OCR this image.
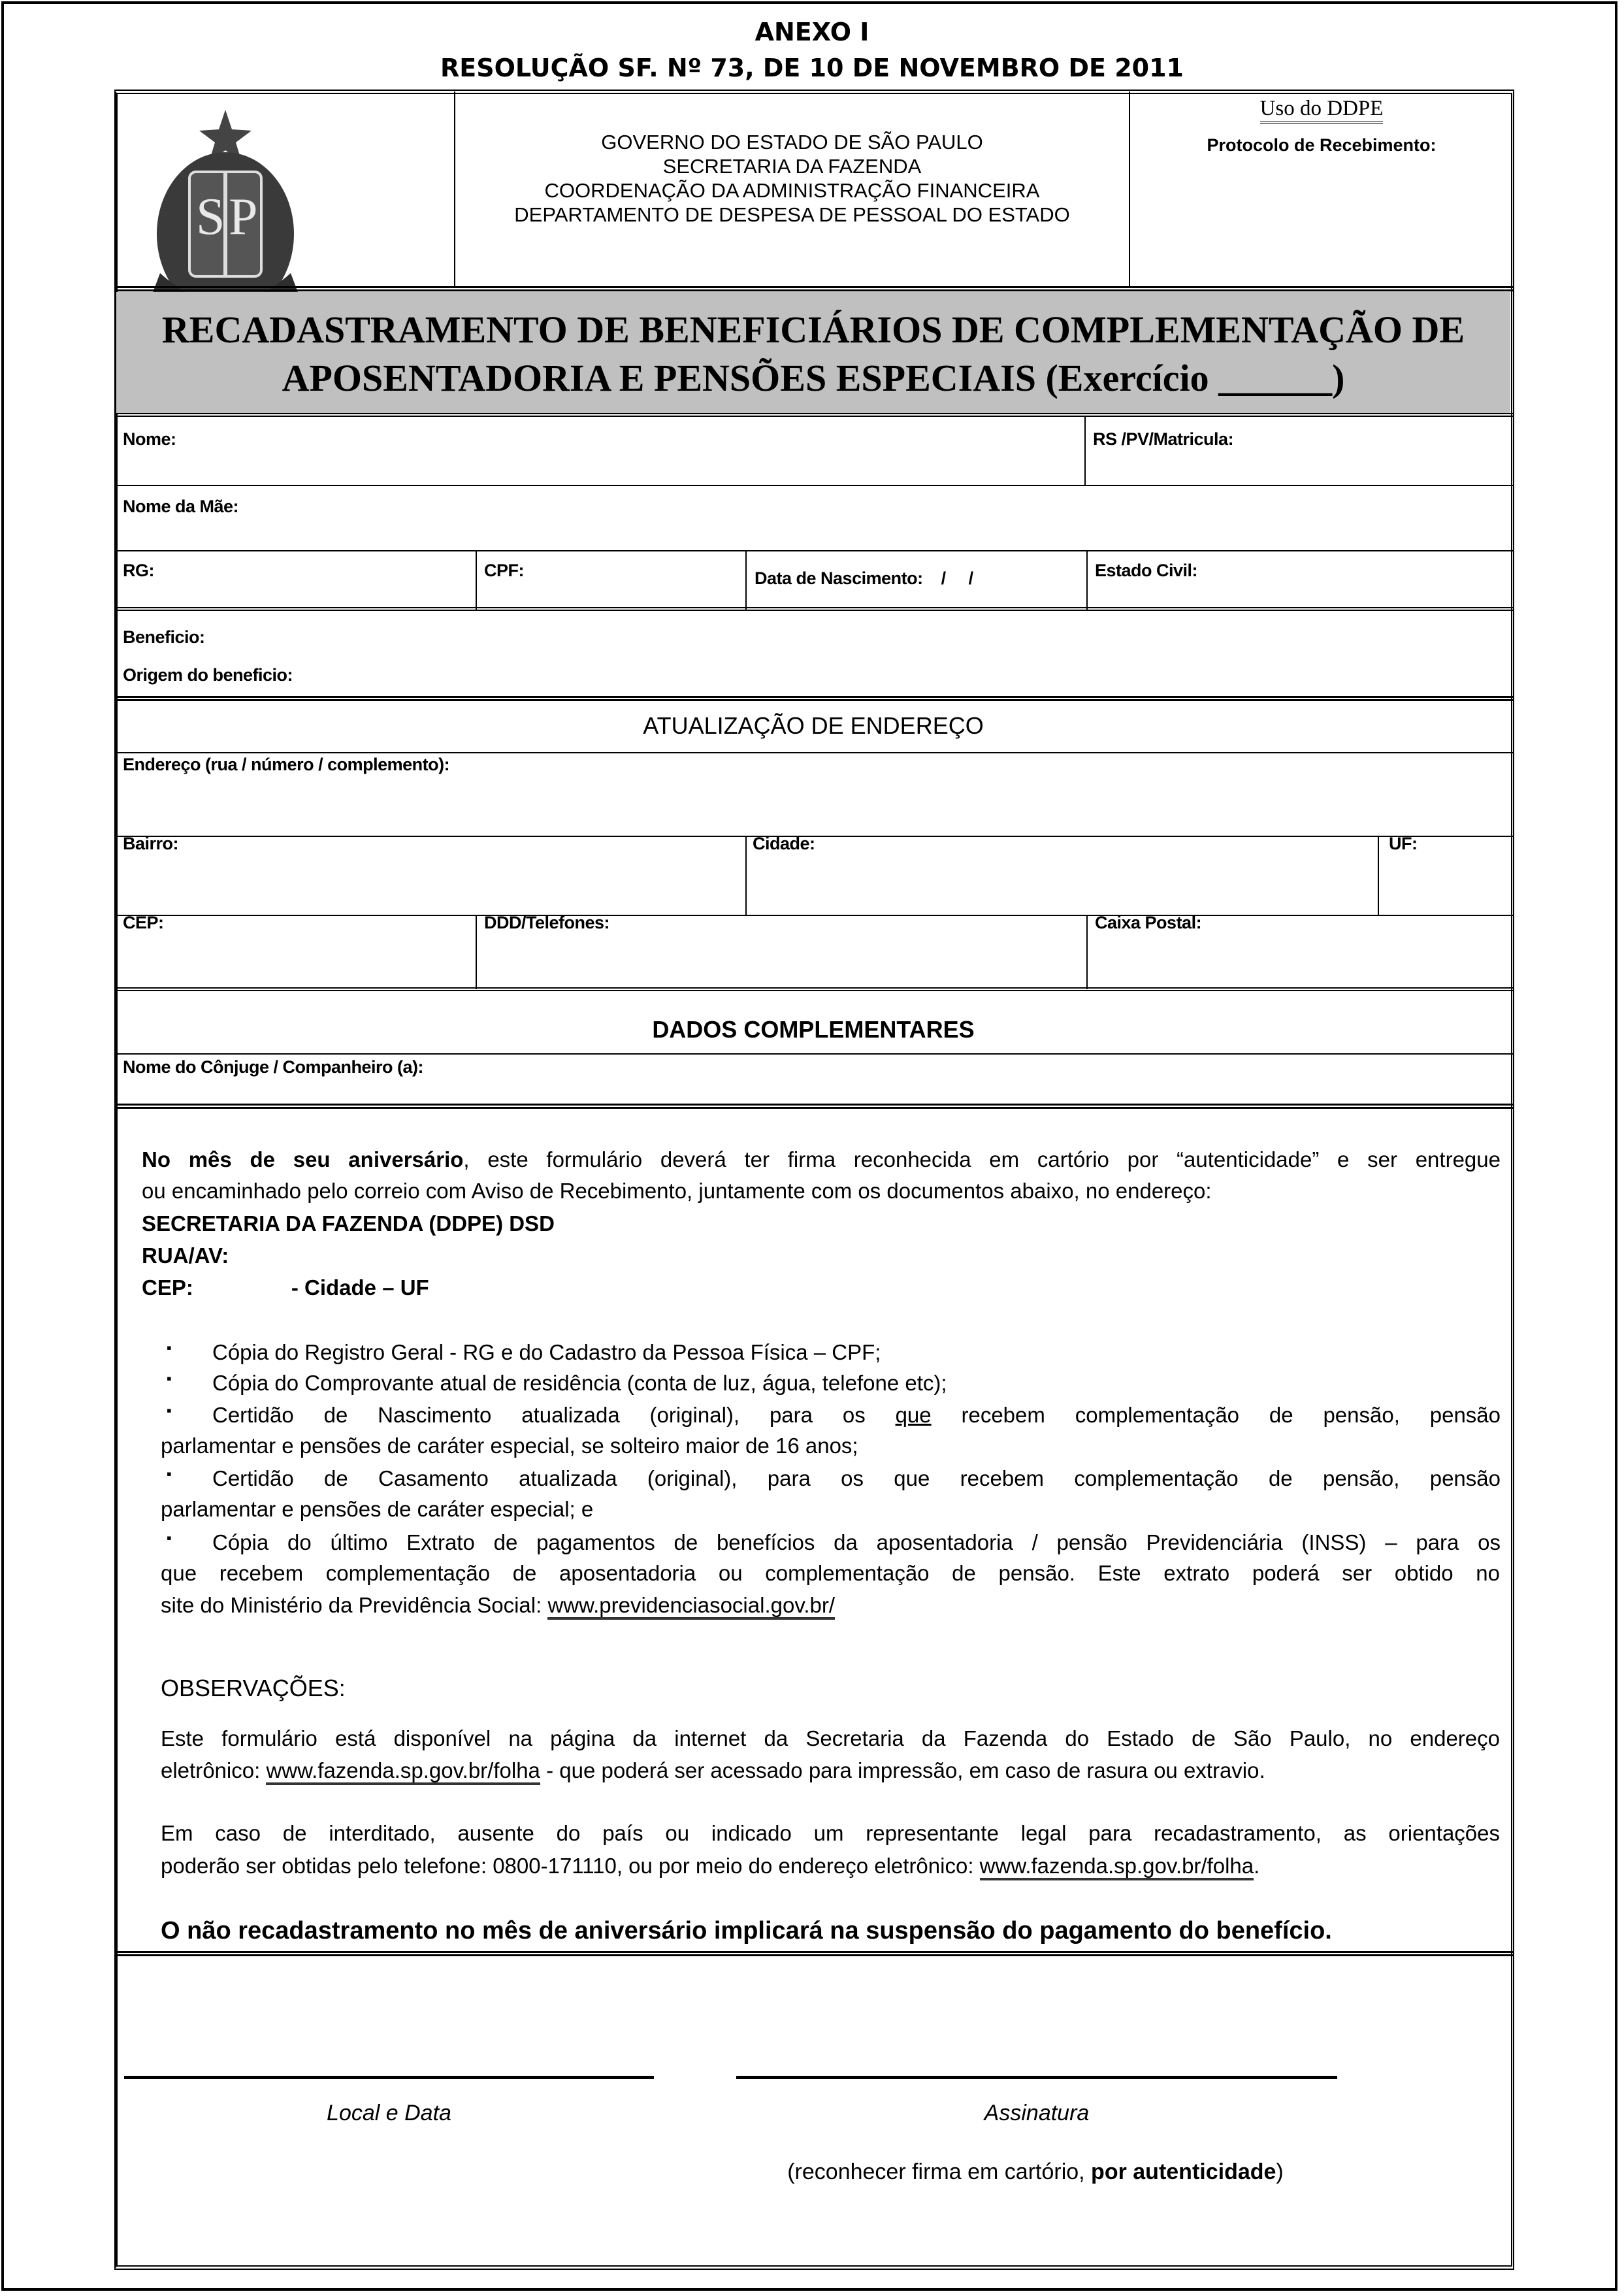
ANEXO I
RESOLUÇÃO SF. Nº 73, DE 10 DE NOVEMBRO DE 2011
S P
GOVERNO DO ESTADO DE SÃO PAULO
SECRETARIA DA FAZENDA
COORDENAÇÃO DA ADMINISTRAÇÃO FINANCEIRA
DEPARTAMENTO DE DESPESA DE PESSOAL DO ESTADO
Uso do DDPE
Protocolo de Recebimento:
RECADASTRAMENTO DE BENEFICIÁRIOS DE COMPLEMENTAÇÃO DE
APOSENTADORIA E PENSÕES ESPECIAIS (Exercício ______)
Nome:	RS /PV/Matricula:
Nome da Mãe:
RG:	CPF:	Data de Nascimento: /     /	Estado Civil:
Beneficio:
Origem do beneficio:
ATUALIZAÇÃO DE ENDEREÇO
Endereço (rua / número / complemento):
Bairro:	Cidade:	UF:
CEP:	DDD/Telefones:	Caixa Postal:
DADOS COMPLEMENTARES
Nome do Cônjuge / Companheiro (a):
No mês de seu aniversário, este formulário deverá ter firma reconhecida em cartório por “autenticidade” e ser entregue
ou encaminhado pelo correio com Aviso de Recebimento, juntamente com os documentos abaixo, no endereço:
SECRETARIA DA FAZENDA (DDPE) DSD
RUA/AV:
CEP:	- Cidade – UF
▪ Cópia do Registro Geral - RG e do Cadastro da Pessoa Física – CPF;
▪ Cópia do Comprovante atual de residência (conta de luz, água, telefone etc);
▪ Certidão de Nascimento atualizada (original), para os que recebem complementação de pensão, pensão
parlamentar e pensões de caráter especial, se solteiro maior de 16 anos;
▪ Certidão de Casamento atualizada (original), para os que recebem complementação de pensão, pensão
parlamentar e pensões de caráter especial; e
▪ Cópia do último Extrato de pagamentos de benefícios da aposentadoria / pensão Previdenciária (INSS) – para os
que recebem complementação de aposentadoria ou complementação de pensão. Este extrato poderá ser obtido no
site do Ministério da Previdência Social: www.previdenciasocial.gov.br/
OBSERVAÇÕES:
Este formulário está disponível na página da internet da Secretaria da Fazenda do Estado de São Paulo, no endereço
eletrônico: www.fazenda.sp.gov.br/folha - que poderá ser acessado para impressão, em caso de rasura ou extravio.
Em caso de interditado, ausente do país ou indicado um representante legal para recadastramento, as orientações
poderão ser obtidas pelo telefone: 0800-171110, ou por meio do endereço eletrônico: www.fazenda.sp.gov.br/folha.
O não recadastramento no mês de aniversário implicará na suspensão do pagamento do benefício.
Local e Data	Assinatura
(reconhecer firma em cartório, por autenticidade)
